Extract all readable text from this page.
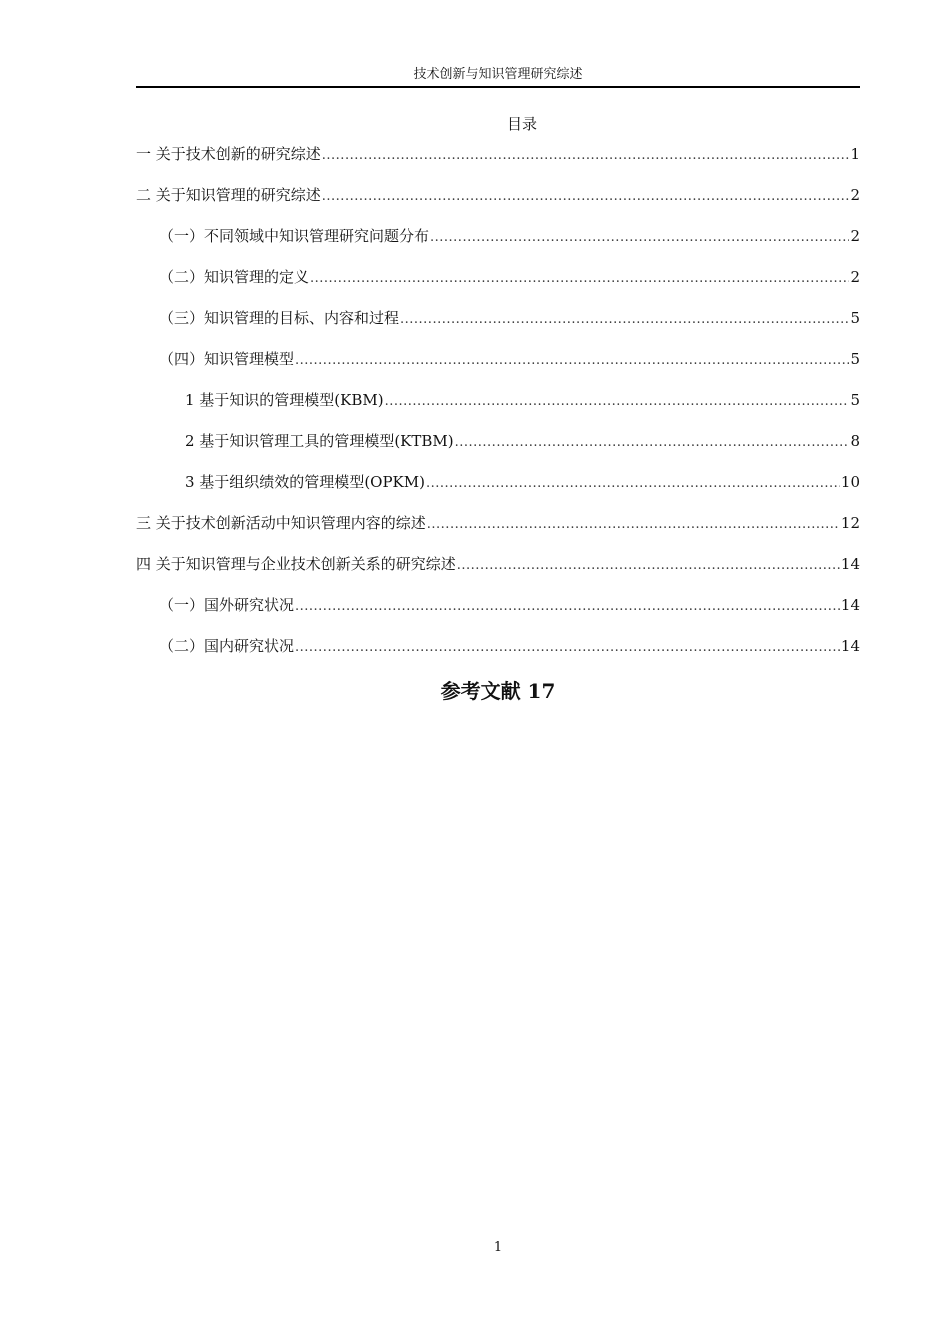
技术创新与知识管理研究综述
目录
一 关于技术创新的研究综述 .....	1
二 关于知识管理的研究综述 .....	2
（一）不同领域中知识管理研究问题分布 .....	2
（二）知识管理的定义 .....	2
（三）知识管理的目标、内容和过程 .....	5
（四）知识管理模型 .....	5
1 基于知识的管理模型(KBM) .....	5
2 基于知识管理工具的管理模型(KTBM) .....	8
3 基于组织绩效的管理模型(OPKM) .....	10
三 关于技术创新活动中知识管理内容的综述 .....	12
四 关于知识管理与企业技术创新关系的研究综述 .....	14
（一）国外研究状况 .....	14
（二）国内研究状况 .....	14
参考文献 17
1
